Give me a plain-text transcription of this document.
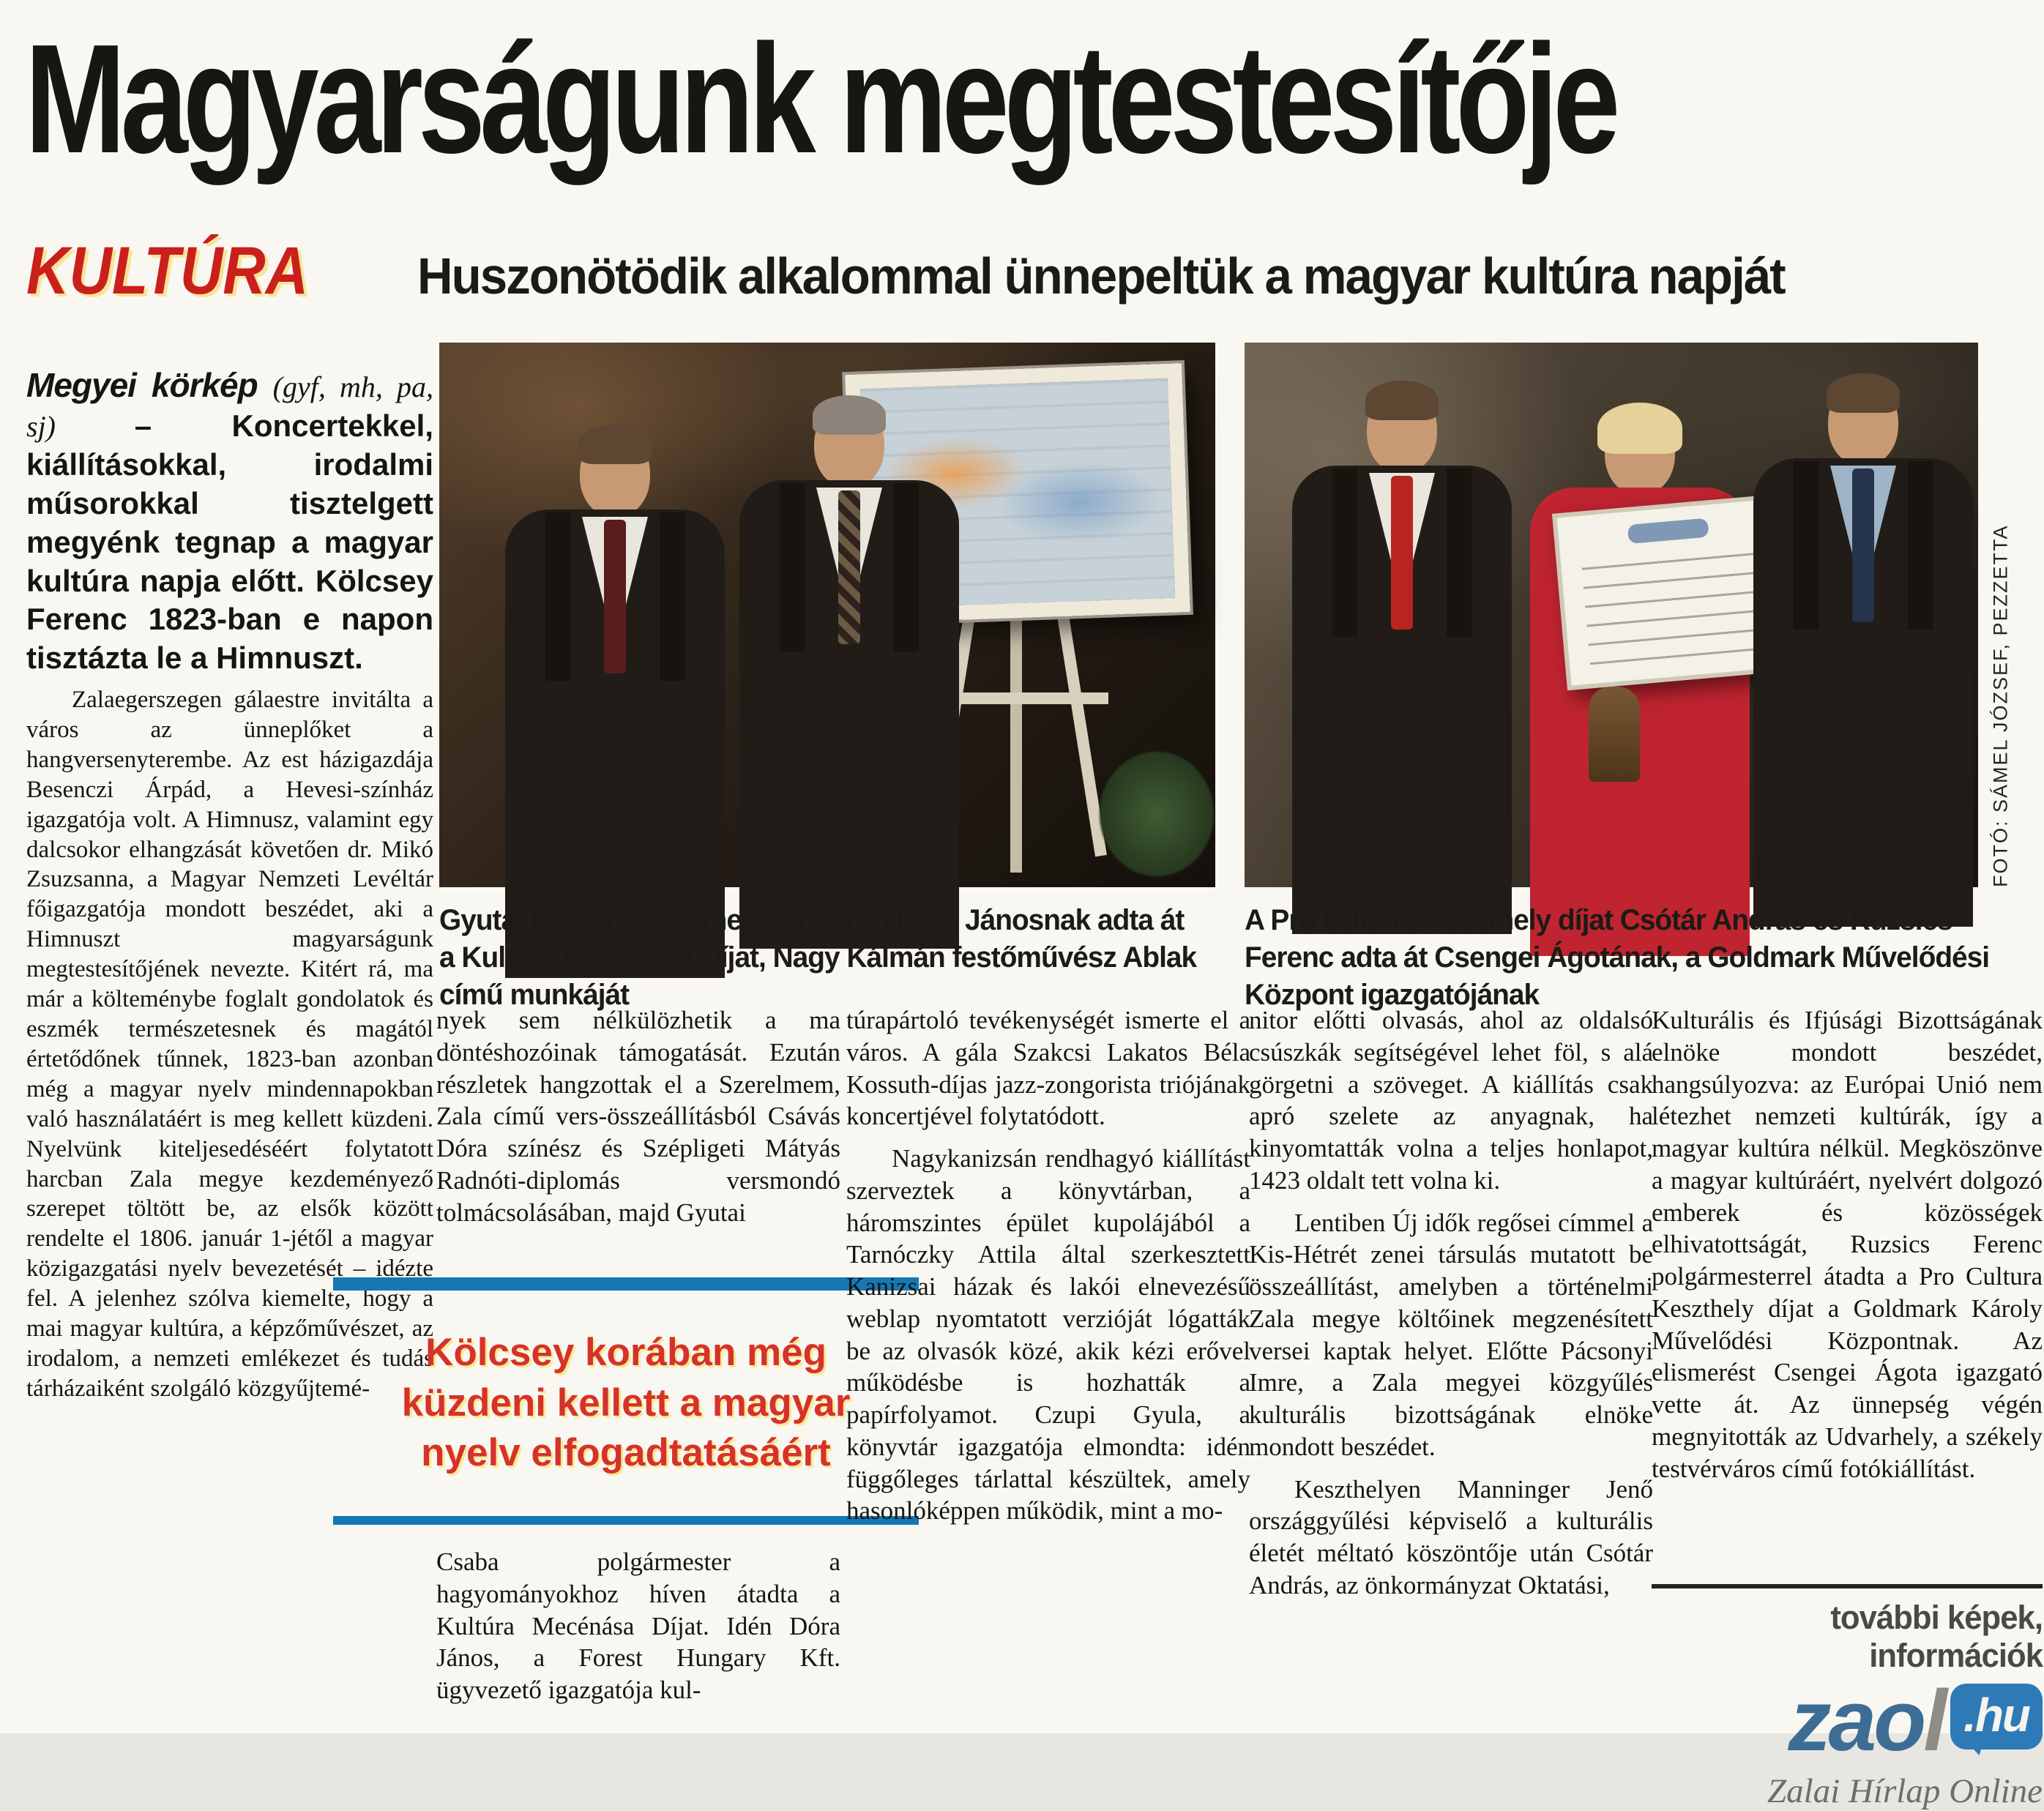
Magyarságunk megtestesítője
KULTÚRA Huszonötödik alkalommal ünnepeltük a magyar kultúra napját
Megyei körkép (gyf, mh, pa, sj) – Koncertekkel, kiállításokkal, irodalmi műsorokkal tisztelgett megyénk tegnap a magyar kultúra napja előtt. Kölcsey Ferenc 1823-ban e napon tisztázta le a Himnuszt.

Zalaegerszegen gálaestre invitálta a város az ünneplőket a hangversenyterembe. Az est házigazdája Besenczi Árpád, a Hevesi-színház igazgatója volt. A Himnusz, valamint egy dalcsokor elhangzását követően dr. Mikó Zsuzsanna, a Magyar Nemzeti Levéltár főigazgatója mondott beszédet, aki a Himnuszt magyarságunk megtestesítőjének nevezte. Kitért rá, ma már a költeménybe foglalt gondolatok és eszmék természetesnek és magától értetődőnek tűnnek, 1823-ban azonban még a magyar nyelv mindennapokban való használatáért is meg kellett küzdeni. Nyelvünk kiteljesedéséért folytatott harcban Zala megye kezdeményező szerepet töltött be, az elsők között rendelte el 1806. január 1-jétől a magyar közigazgatási nyelv bevezetését – idézte fel. A jelenhez szólva kiemelte, hogy a mai magyar kultúra, a képzőművészet, az irodalom, a nemzeti emlékezet és tudás tárházaiként szolgáló közgyűjtemé-

FOTÓ: SÁMEL JÓZSEF, PEZZETTA
Gyutai Csaba polgármester (balról) Dóra Jánosnak adta át a Kultúra Mecénása Díjat, Nagy Kálmán festőművész Ablak című munkáját
A Pro Cultura Keszthely díjat Csótár András és Ruzsics Ferenc adta át Csengei Ágotának, a Goldmark Művelődési Központ igazgatójának

nyek sem nélkülözhetik a ma döntéshozóinak támogatását. Ezután részletek hangzottak el a Szerelmem, Zala című vers-összeállításból Csávás Dóra színész és Szépligeti Mátyás Radnóti-diplomás versmondó tolmácsolásában, majd Gyutai

Kölcsey korában még küzdeni kellett a magyar nyelv elfogadtatásáért

Csaba polgármester a hagyományokhoz híven átadta a Kultúra Mecénása Díjat. Idén Dóra János, a Forest Hungary Kft. ügyvezető igazgatója kul-

túrapártoló tevékenységét ismerte el a város. A gála Szakcsi Lakatos Béla Kossuth-díjas jazz-zongorista triójának koncertjével folytatódott.

Nagykanizsán rendhagyó kiállítást szerveztek a könyvtárban, a háromszintes épület kupolájából a Tarnóczky Attila által szerkesztett Kanizsai házak és lakói elnevezésű weblap nyomtatott verzióját lógatták be az olvasók közé, akik kézi erővel működésbe is hozhatták a papírfolyamot. Czupi Gyula, a könyvtár igazgatója elmondta: idén függőleges tárlattal készültek, amely hasonlóképpen működik, mint a mo-

nitor előtti olvasás, ahol az oldalsó csúszkák segítségével lehet föl, s alá görgetni a szöveget. A kiállítás csak apró szelete az anyagnak, ha kinyomtatták volna a teljes honlapot, 1423 oldalt tett volna ki.

Lentiben Új idők regősei címmel a Kis-Hétrét zenei társulás mutatott be összeállítást, amelyben a történelmi Zala megye költőinek megzenésített versei kaptak helyet. Előtte Pácsonyi Imre, a Zala megyei közgyűlés kulturális bizottságának elnöke mondott beszédet.

Keszthelyen Manninger Jenő országgyűlési képviselő a kulturális életét méltató köszöntője után Csótár András, az önkormányzat Oktatási,

Kulturális és Ifjúsági Bizottságának elnöke mondott beszédet, hangsúlyozva: az Európai Unió nem létezhet nemzeti kultúrák, így a magyar kultúra nélkül. Megköszönve a magyar kultúráért, nyelvért dolgozó emberek és közösségek elhivatottságát, Ruzsics Ferenc polgármesterrel átadta a Pro Cultura Keszthely díjat a Goldmark Károly Művelődési Központnak. Az elismerést Csengei Ágota igazgató vette át. Az ünnepség végén megnyitották az Udvarhely, a székely testvérváros című fotókiállítást.

további képek, információk
zaol .hu
Zalai Hírlap Online
